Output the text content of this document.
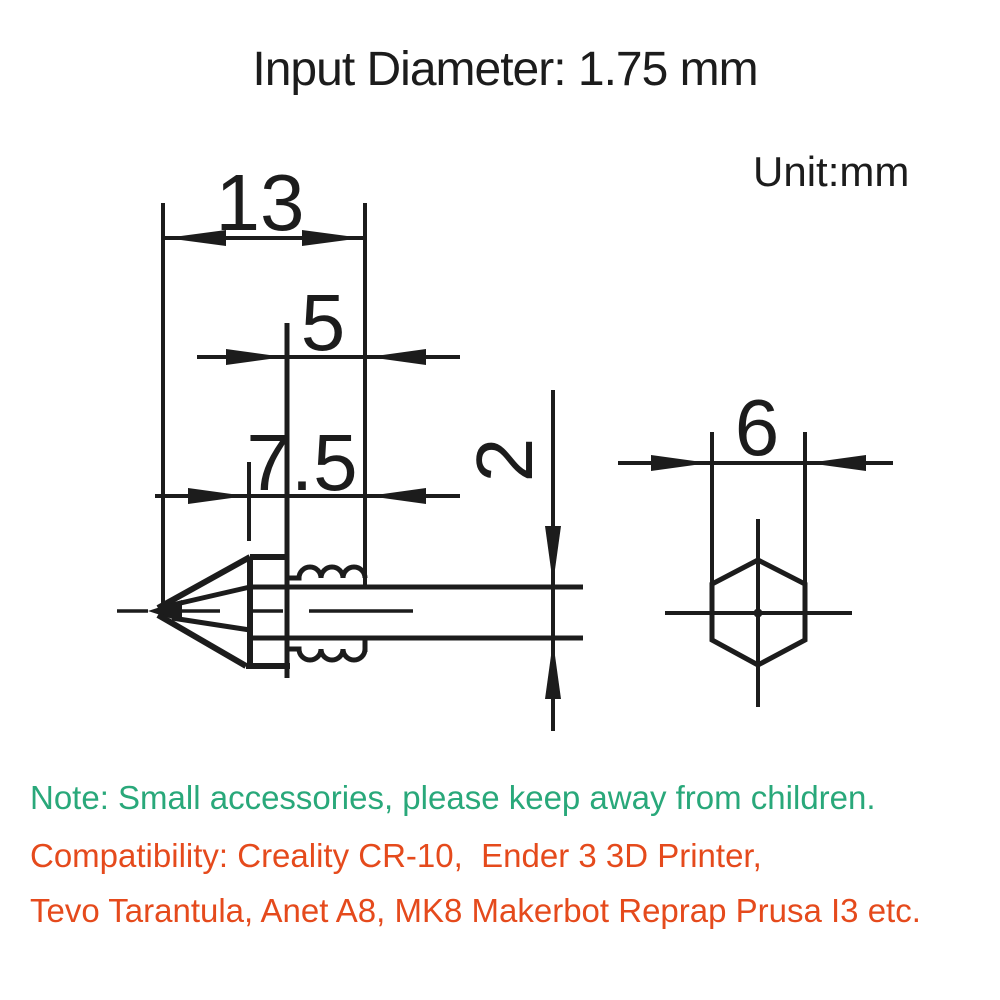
Input Diameter: 1.75 mm
Unit:mm
13
5
7.5 2 6
Note: Small accessories, please keep away from children.
Compatibility: Creality CR-10,  Ender 3 3D Printer,
Tevo Tarantula, Anet A8, MK8 Makerbot Reprap Prusa I3 etc.
